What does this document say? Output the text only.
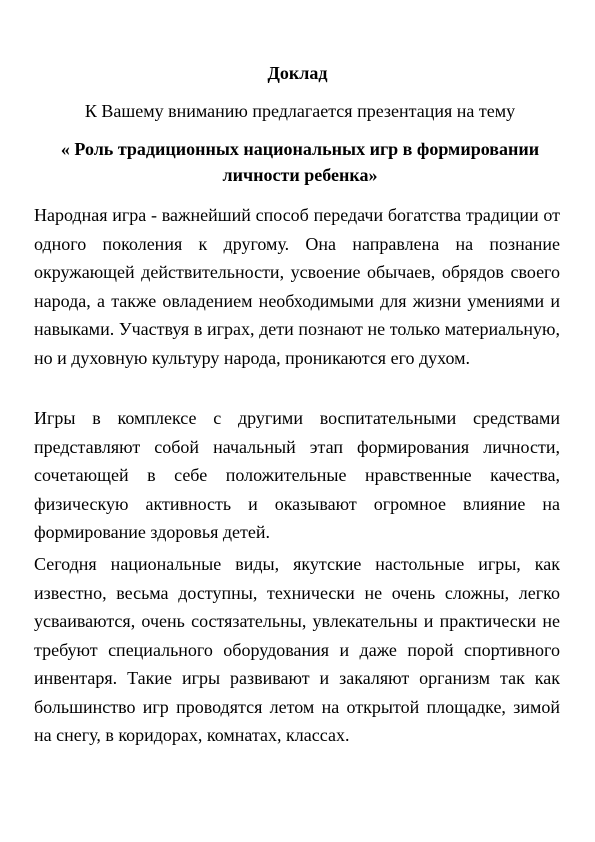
Доклад

К Вашему вниманию предлагается презентация на тему

« Роль традиционных национальных игр в формировании
личности ребенка»

Народная игра - важнейший способ передачи богатства традиции от одного поколения к другому. Она направлена на познание окружающей действительности, усвоение обычаев, обрядов своего народа, а также овладением необходимыми для жизни умениями и навыками. Участвуя в играх, дети познают не только материальную, но и духовную культуру народа, проникаются его духом.

Игры в комплексе с другими воспитательными средствами представляют собой начальный этап формирования личности, сочетающей в себе положительные нравственные качества, физическую активность и оказывают огромное влияние на формирование здоровья детей.

Сегодня национальные виды, якутские настольные игры, как известно, весьма доступны, технически не очень сложны, легко усваиваются, очень состязательны, увлекательны и практически не требуют специального оборудования и даже порой спортивного инвентаря. Такие игры развивают и закаляют организм так как большинство игр проводятся летом на открытой площадке, зимой на снегу, в коридорах, комнатах, классах.
